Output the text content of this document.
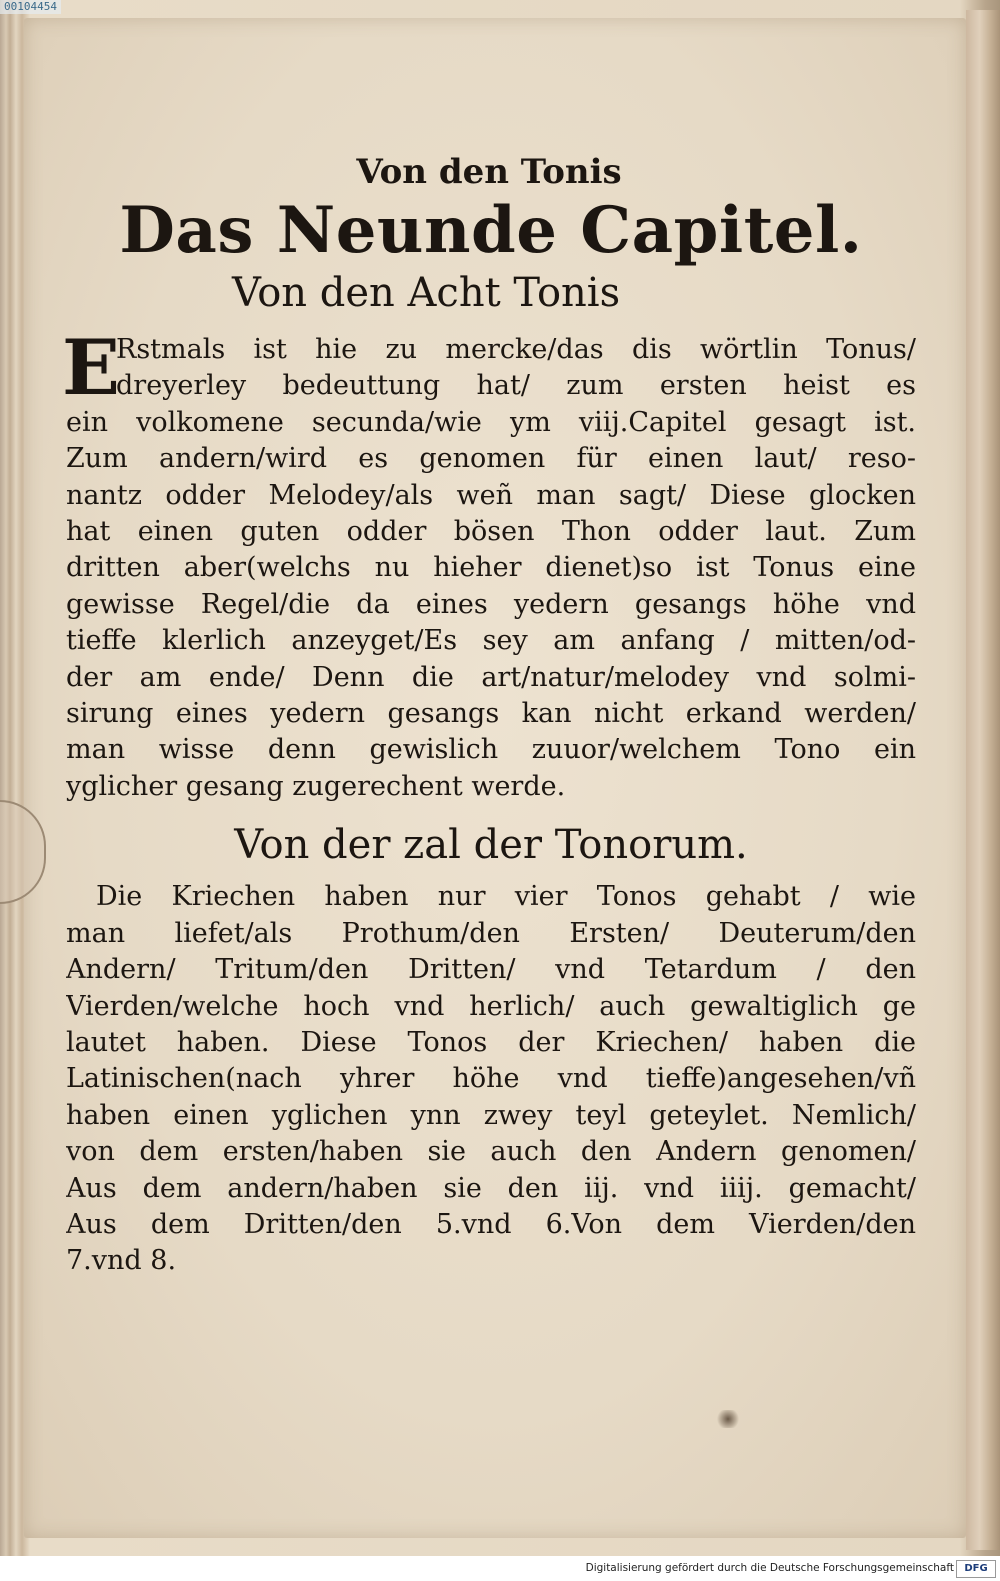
00104454
Von den Tonis
Das Neunde Capitel.
Von den Acht Tonis
E
Rstmals ist hie zu mercke/das dis wörtlin Tonus/
dreyerley bedeuttung hat/ zum ersten heist es
ein volkomene secunda/wie ym viij.Capitel gesagt ist.
Zum andern/wird es genomen für einen laut/ reso-
nantz odder Melodey/als weñ man sagt/ Diese glocken
hat einen guten odder bösen Thon odder laut. Zum
dritten aber(welchs nu hieher dienet)so ist Tonus eine
gewisse Regel/die da eines yedern gesangs höhe vnd
tieffe klerlich anzeyget/Es sey am anfang / mitten/od-
der am ende/ Denn die art/natur/melodey vnd solmi-
sirung eines yedern gesangs kan nicht erkand werden/
man wisse denn gewislich zuuor/welchem Tono ein
yglicher gesang zugerechent werde.
Von der zal der Tonorum.
Die Kriechen haben nur vier Tonos gehabt / wie
man liefet/als Prothum/den Ersten/ Deuterum/den
Andern/ Tritum/den Dritten/ vnd Tetardum / den
Vierden/welche hoch vnd herlich/ auch gewaltiglich ge
lautet haben. Diese Tonos der Kriechen/ haben die
Latinischen(nach yhrer höhe vnd tieffe)angesehen/vñ
haben einen yglichen ynn zwey teyl geteylet. Nemlich/
von dem ersten/haben sie auch den Andern genomen/
Aus dem andern/haben sie den iij. vnd iiij. gemacht/
Aus dem Dritten/den 5.vnd 6.Von dem Vierden/den
7.vnd 8.
Digitalisierung gefördert durch die Deutsche Forschungsgemeinschaft	DFG
